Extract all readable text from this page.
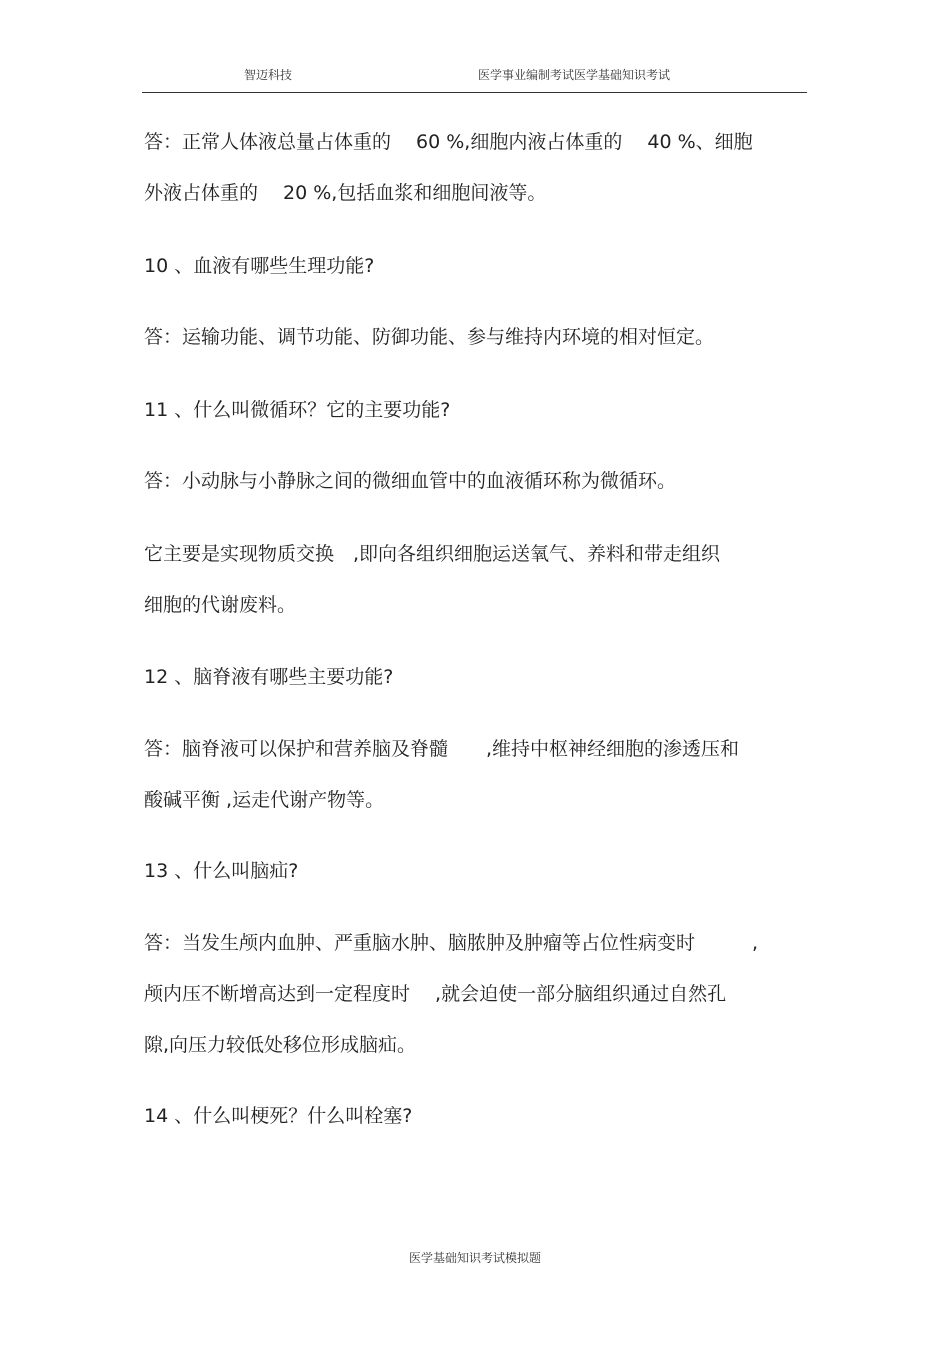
智迈科技	医学事业编制考试医学基础知识考试
答：正常人体液总量占体重的　 60 %,细胞内液占体重的　 40 %、细胞
外液占体重的　 20 %,包括血浆和细胞间液等。
10 、血液有哪些生理功能?
答：运输功能、调节功能、防御功能、参与维持内环境的相对恒定。
11 、什么叫微循环？它的主要功能?
答：小动脉与小静脉之间的微细血管中的血液循环称为微循环。
它主要是实现物质交换　,即向各组织细胞运送氧气、养料和带走组织
细胞的代谢废料。
12 、脑脊液有哪些主要功能?
答：脑脊液可以保护和营养脑及脊髓　　,维持中枢神经细胞的渗透压和
酸碱平衡 ,运走代谢产物等。
13 、什么叫脑疝?
答：当发生颅内血肿、严重脑水肿、脑脓肿及肿瘤等占位性病变时　　　,
颅内压不断增高达到一定程度时　 ,就会迫使一部分脑组织通过自然孔
隙,向压力较低处移位形成脑疝。
14 、什么叫梗死？什么叫栓塞?
医学基础知识考试模拟题
